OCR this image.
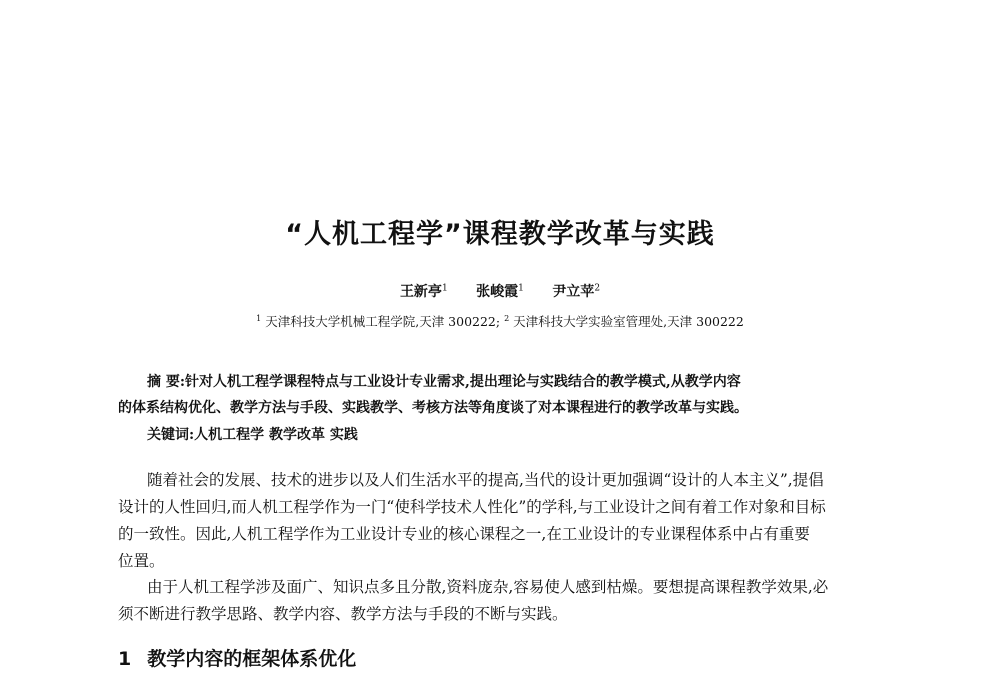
“人机工程学”课程教学改革与实践
王新亭$^1$ 张峻霞$^1$ 尹立苹$^2$
$^1$ 天津科技大学机械工程学院,天津 300222; $^2$ 天津科技大学实验室管理处,天津 300222
摘 要:针对人机工程学课程特点与工业设计专业需求,提出理论与实践结合的教学模式,从教学内容
的体系结构优化、教学方法与手段、实践教学、考核方法等角度谈了对本课程进行的教学改革与实践。
关键词:人机工程学 教学改革 实践
随着社会的发展、技术的进步以及人们生活水平的提高,当代的设计更加强调“设计的人本主义”,提倡
设计的人性回归,而人机工程学作为一门“使科学技术人性化”的学科,与工业设计之间有着工作对象和目标
的一致性。因此,人机工程学作为工业设计专业的核心课程之一,在工业设计的专业课程体系中占有重要
位置。
由于人机工程学涉及面广、知识点多且分散,资料庞杂,容易使人感到枯燥。要想提高课程教学效果,必
须不断进行教学思路、教学内容、教学方法与手段的不断与实践。
1 教学内容的框架体系优化
